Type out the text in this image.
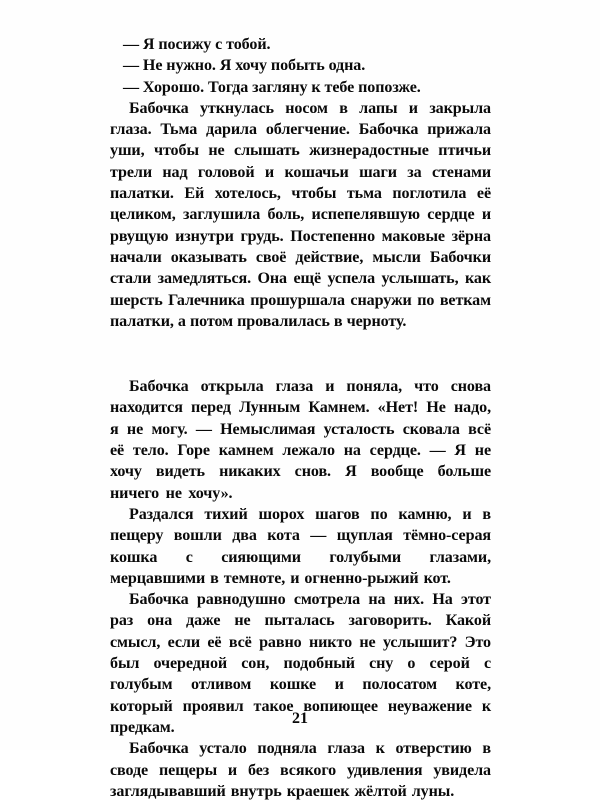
— Я посижу с тобой.

— Не нужно. Я хочу побыть одна.

— Хорошо. Тогда загляну к тебе попозже.

Бабочка уткнулась носом в лапы и закрыла глаза. Тьма дарила облегчение. Бабочка прижала уши, чтобы не слышать жизнерадостные птичьи трели над головой и кошачьи шаги за стенами палатки. Ей хотелось, чтобы тьма поглотила её целиком, заглушила боль, испепелявшую сердце и рвущую изнутри грудь. Постепенно маковые зёрна начали оказывать своё действие, мысли Бабочки стали замедляться. Она ещё успела услышать, как шерсть Галечника прошуршала снаружи по веткам палатки, а потом провалилась в черноту.

Бабочка открыла глаза и поняла, что снова находится перед Лунным Камнем. «Нет! Не надо, я не могу. — Немыслимая усталость сковала всё её тело. Горе камнем лежало на сердце. — Я не хочу видеть никаких снов. Я вообще больше ничего не хочу».

Раздался тихий шорох шагов по камню, и в пещеру вошли два кота — щуплая тёмно-серая кошка с сияющими голубыми глазами, мерцавшими в темноте, и огненно-рыжий кот.

Бабочка равнодушно смотрела на них. На этот раз она даже не пыталась заговорить. Какой смысл, если её всё равно никто не услышит? Это был очередной сон, подобный сну о серой с голубым отливом кошке и полосатом коте, который проявил такое вопиющее неуважение к предкам.

Бабочка устало подняла глаза к отверстию в своде пещеры и без всякого удивления увидела заглядывавший внутрь краешек жёлтой луны.

21
